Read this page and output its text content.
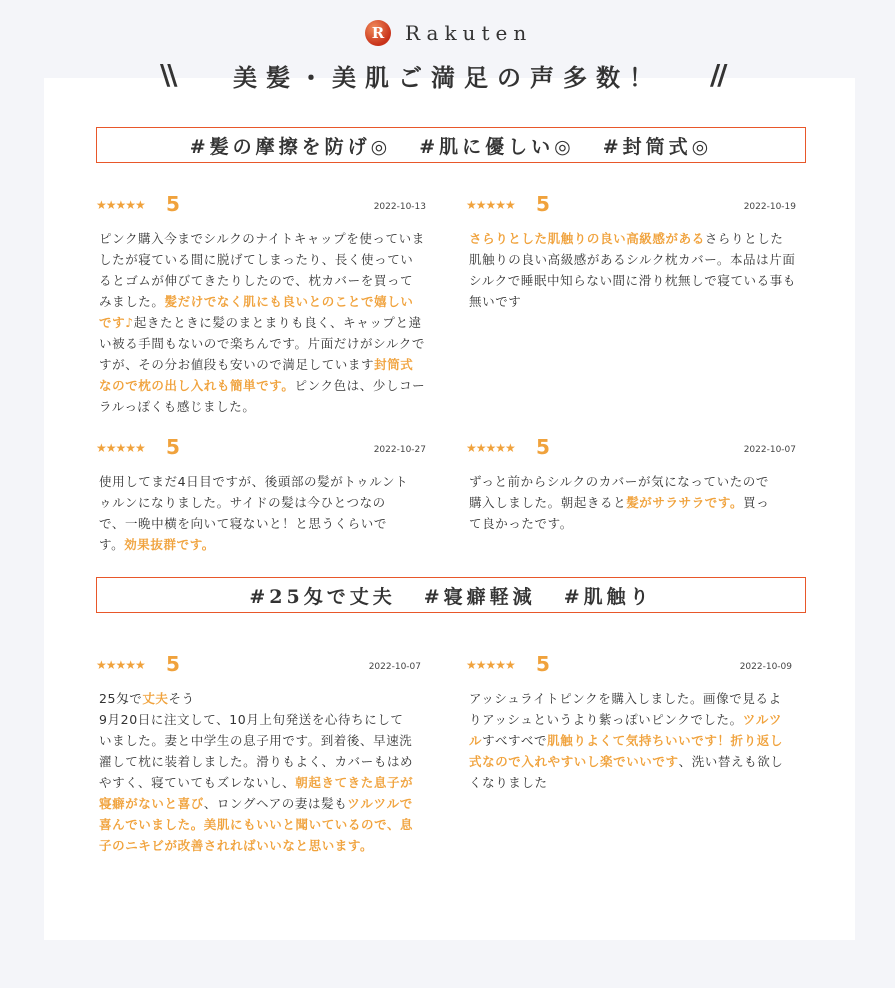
R	Rakuten
\\	美髪・美肌ご満足の声多数！	//
#髪の摩擦を防げ◎ #肌に優しい◎ #封筒式◎
★★★★★ 5	2022-10-13
ピンク購入今までシルクのナイトキャップを使っていましたが寝ている間に脱げてしまったり、長く使っているとゴムが伸びてきたりしたので、枕カバーを買ってみました。髪だけでなく肌にも良いとのことで嬉しいです♪起きたときに髪のまとまりも良く、キャップと違い被る手間もないので楽ちんです。片面だけがシルクですが、その分お値段も安いので満足しています封筒式なので枕の出し入れも簡単です。ピンク色は、少しコーラルっぽくも感じました。
★★★★★ 5	2022-10-19
さらりとした肌触りの良い高級感があるさらりとした肌触りの良い高級感があるシルク枕カバー。本品は片面シルクで睡眠中知らない間に滑り枕無しで寝ている事も無いです
★★★★★ 5	2022-10-27
使用してまだ4日目ですが、後頭部の髪がトゥルントゥルンになりました。サイドの髪は今ひとつなので、一晩中横を向いて寝ないと！と思うくらいです。効果抜群です。
★★★★★ 5	2022-10-07
ずっと前からシルクのカバーが気になっていたので購入しました。朝起きると髪がサラサラです。買って良かったです。
#25匁で丈夫 #寝癖軽減 #肌触り
★★★★★ 5	2022-10-07
25匁で丈夫そう
9月20日に注文して、10月上旬発送を心待ちにしていました。妻と中学生の息子用です。到着後、早速洗濯して枕に装着しました。滑りもよく、カバーもはめやすく、寝ていてもズレないし、朝起きてきた息子が寝癖がないと喜び、ロングヘアの妻は髪もツルツルで喜んでいました。美肌にもいいと聞いているので、息子のニキビが改善されればいいなと思います。
★★★★★ 5	2022-10-09
アッシュライトピンクを購入しました。画像で見るよりアッシュというより紫っぽいピンクでした。ツルツルすべすべで肌触りよくて気持ちいいです！折り返し式なので入れやすいし楽でいいです、洗い替えも欲しくなりました
